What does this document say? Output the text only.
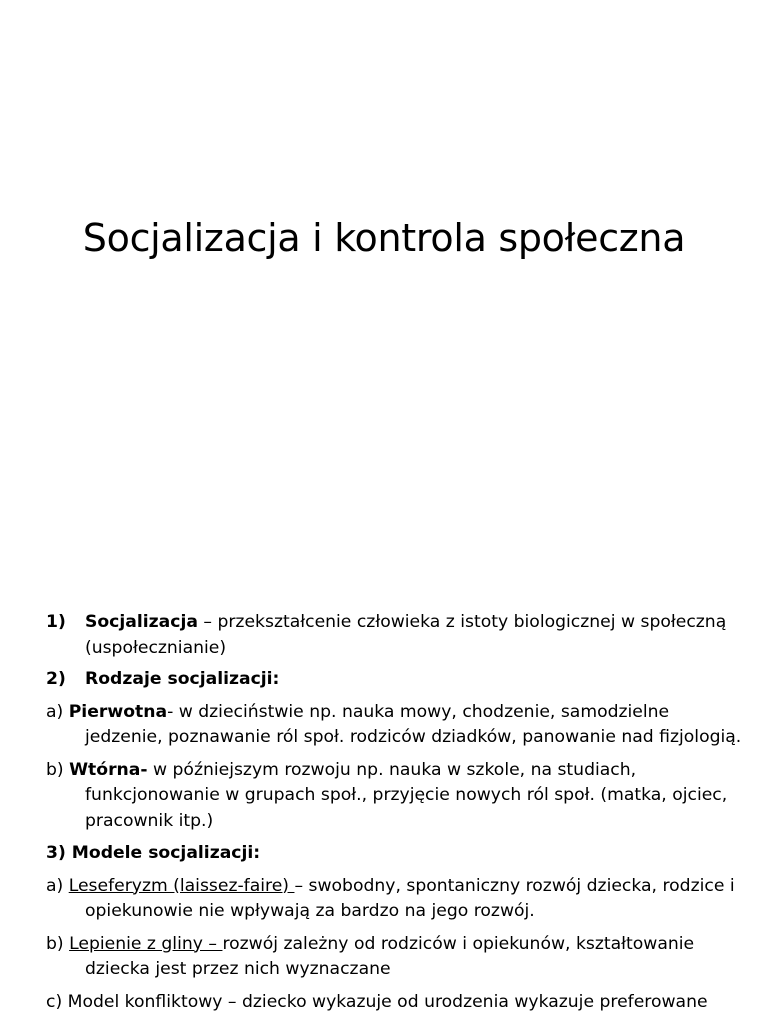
Socjalizacja i kontrola społeczna

1) Socjalizacja – przekształcenie człowieka z istoty biologicznej w społeczną (uspołecznianie)

2) Rodzaje socjalizacji:

a) Pierwotna- w dzieciństwie np. nauka mowy, chodzenie, samodzielne jedzenie, poznawanie ról społ. rodziców dziadków, panowanie nad fizjologią.

b) Wtórna- w późniejszym rozwoju np. nauka w szkole, na studiach, funkcjonowanie w grupach społ., przyjęcie nowych ról społ. (matka, ojciec, pracownik itp.)

3) Modele socjalizacji:

a) Leseferyzm (laissez-faire) – swobodny, spontaniczny rozwój dziecka, rodzice i opiekunowie nie wpływają za bardzo na jego rozwój.

b) Lepienie z gliny – rozwój zależny od rodziców i opiekunów, kształtowanie dziecka jest przez nich wyznaczane

c) Model konfliktowy – dziecko wykazuje od urodzenia wykazuje preferowane
